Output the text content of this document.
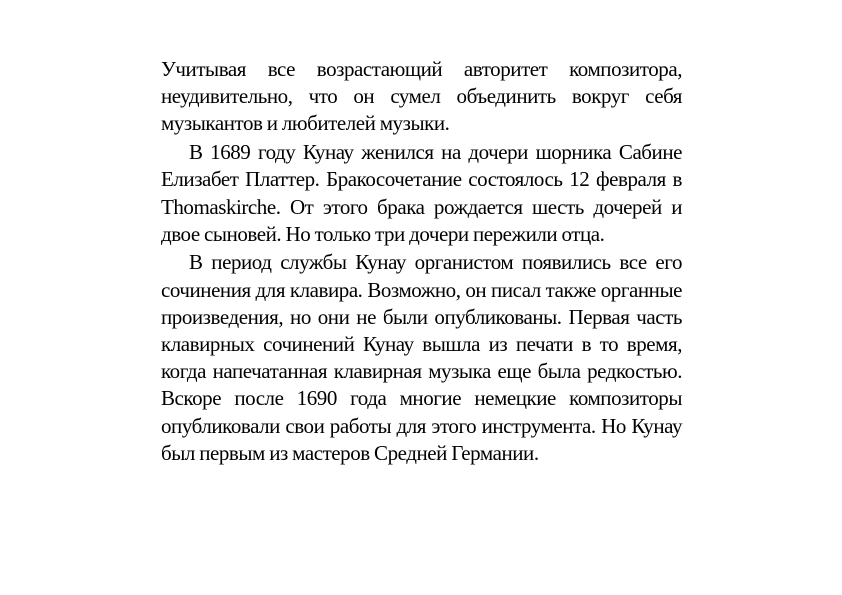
Учитывая все возрастающий авторитет композитора, неудивительно, что он сумел объединить вокруг себя музыкантов и любителей музыки.

В 1689 году Кунау женился на дочери шорника Сабине Елизабет Платтер. Бракосочетание состоялось 12 февраля в Thomaskirche. От этого брака рождается шесть дочерей и двое сыновей. Но только три дочери пережили отца.

В период службы Кунау органистом появились все его сочинения для клавира. Возможно, он писал также органные произведения, но они не были опубликованы. Первая часть клавирных сочинений Кунау вышла из печати в то время, когда напечатанная клавирная музыка еще была редкостью. Вскоре после 1690 года многие немецкие композиторы опубликовали свои работы для этого инструмента. Но Кунау был первым из мастеров Средней Германии.
